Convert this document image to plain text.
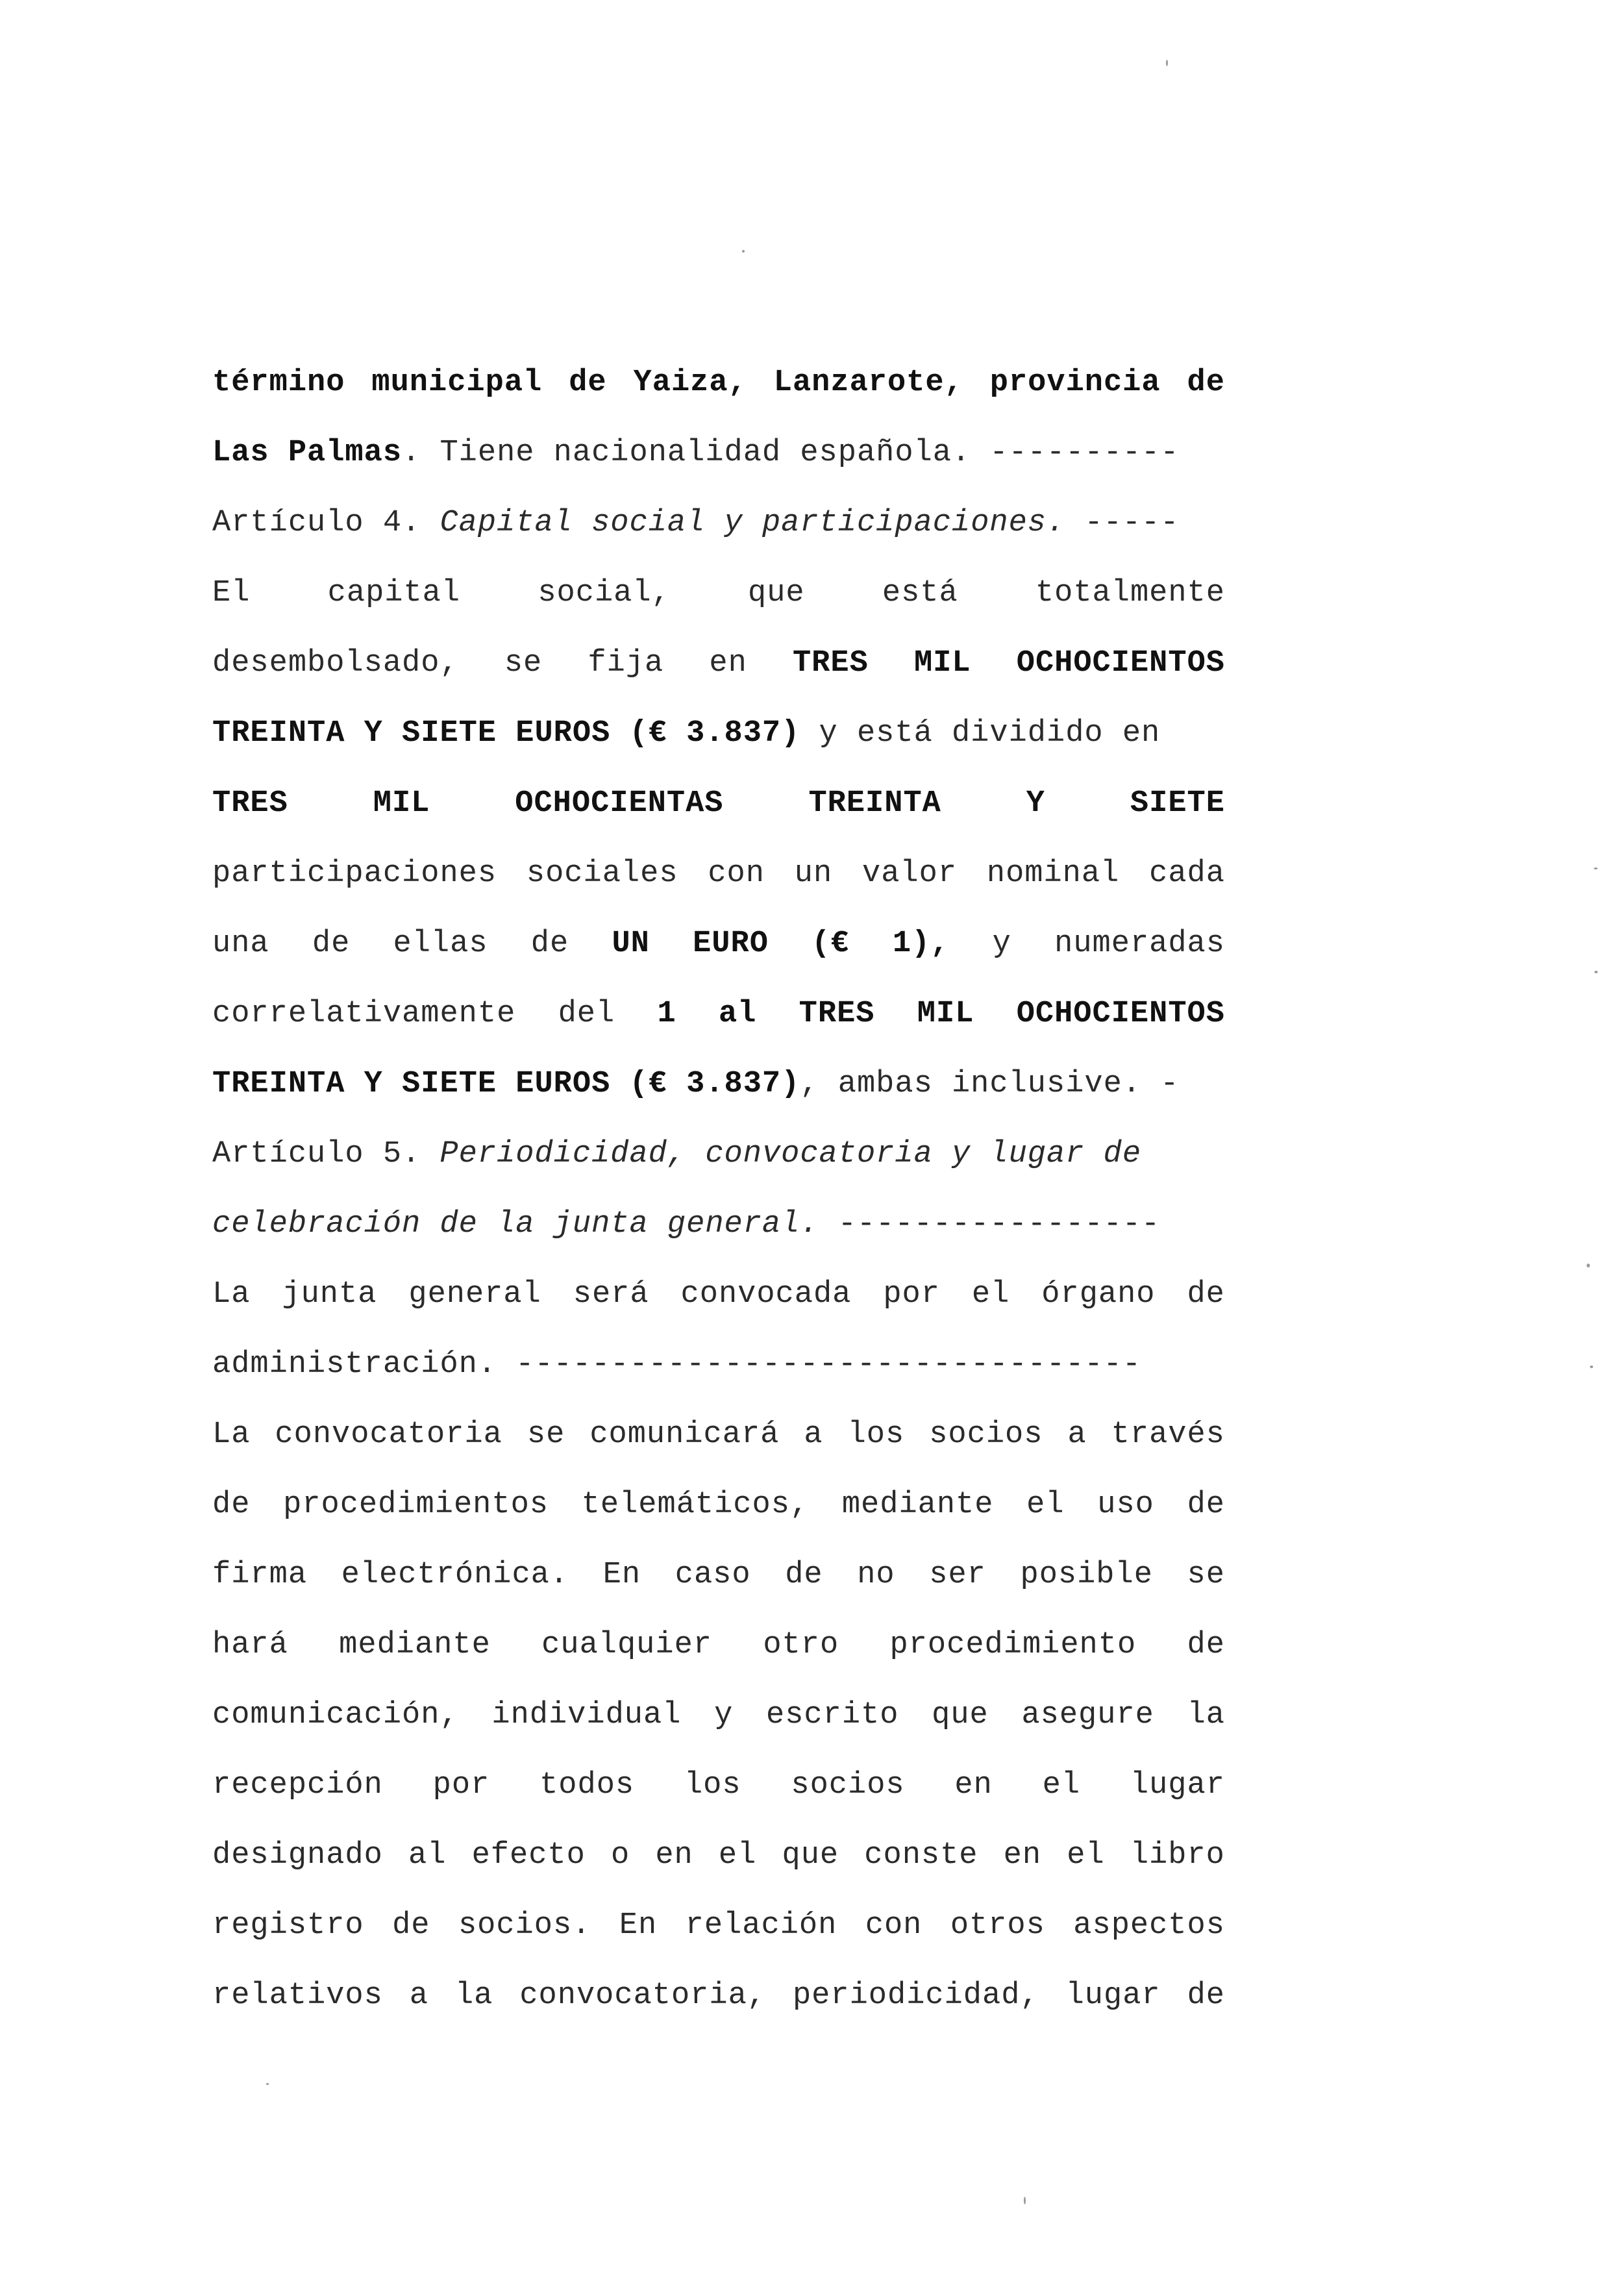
término municipal de Yaiza, Lanzarote, provincia de
Las Palmas. Tiene nacionalidad española. ----------
Artículo 4. Capital social y participaciones. -----
El	capital	social,	que	está	totalmente
desembolsado, se fija en TRES MIL OCHOCIENTOS
TREINTA Y SIETE EUROS (€ 3.837) y está dividido en
TRES	MIL	OCHOCIENTAS	TREINTA	Y	SIETE
participaciones sociales con un valor nominal cada
una de ellas de UN EURO (€ 1), y numeradas
correlativamente del 1 al TRES MIL OCHOCIENTOS
TREINTA Y SIETE EUROS (€ 3.837), ambas inclusive. -
Artículo 5. Periodicidad, convocatoria y lugar de
celebración de la junta general. -----------------
La junta general será convocada por el órgano de
administración. ---------------------------------
La convocatoria se comunicará a los socios a través
de procedimientos telemáticos, mediante el uso de
firma electrónica. En caso de no ser posible se
hará mediante cualquier otro procedimiento de
comunicación, individual y escrito que asegure la
recepción por todos los socios en el lugar
designado al efecto o en el que conste en el libro
registro de socios. En relación con otros aspectos
relativos a la convocatoria, periodicidad, lugar de
